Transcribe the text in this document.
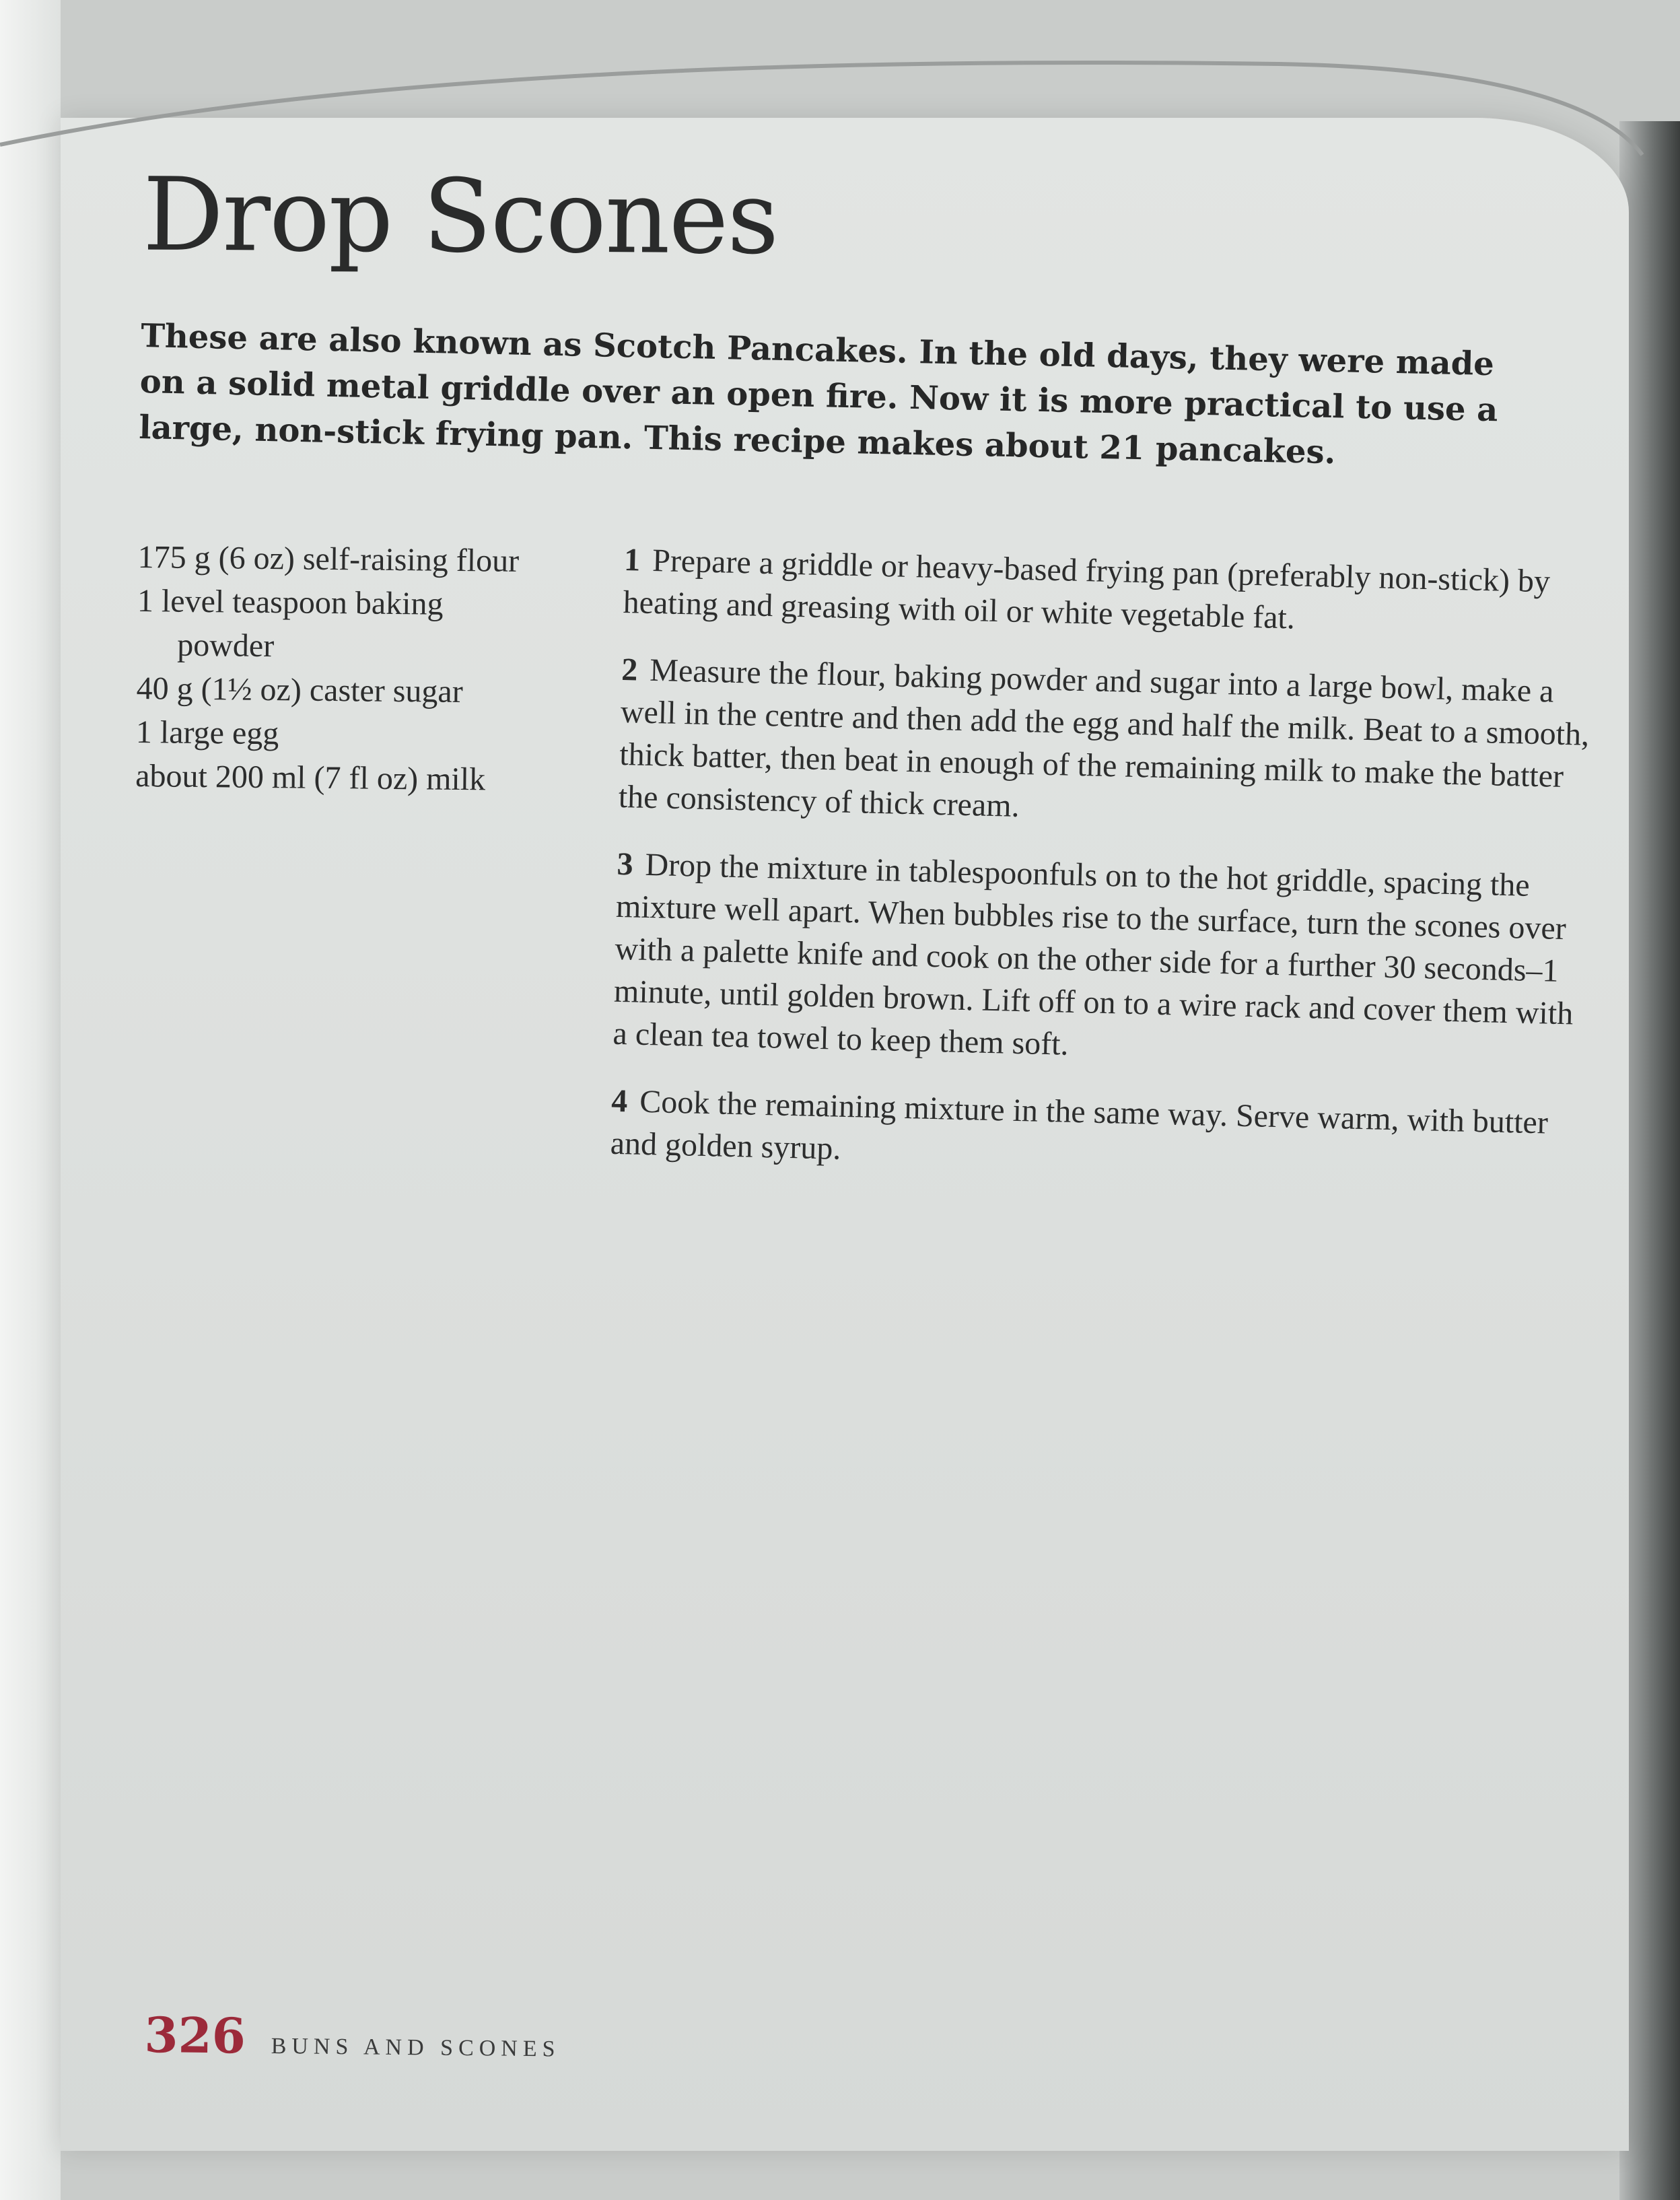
Drop Scones

These are also known as Scotch Pancakes. In the old days, they were made on a solid metal griddle over an open fire. Now it is more practical to use a large, non-stick frying pan. This recipe makes about 21 pancakes.

175 g (6 oz) self-raising flour
1 level teaspoon baking
powder
40 g (1½ oz) caster sugar
1 large egg
about 200 ml (7 fl oz) milk

1 Prepare a griddle or heavy-based frying pan (preferably non-stick) by heating and greasing with oil or white vegetable fat.

2 Measure the flour, baking powder and sugar into a large bowl, make a well in the centre and then add the egg and half the milk. Beat to a smooth, thick batter, then beat in enough of the remaining milk to make the batter the consistency of thick cream.

3 Drop the mixture in tablespoonfuls on to the hot griddle, spacing the mixture well apart. When bubbles rise to the surface, turn the scones over with a palette knife and cook on the other side for a further 30 seconds–1 minute, until golden brown. Lift off on to a wire rack and cover them with a clean tea towel to keep them soft.

4 Cook the remaining mixture in the same way. Serve warm, with butter and golden syrup.

326 BUNS AND SCONES
